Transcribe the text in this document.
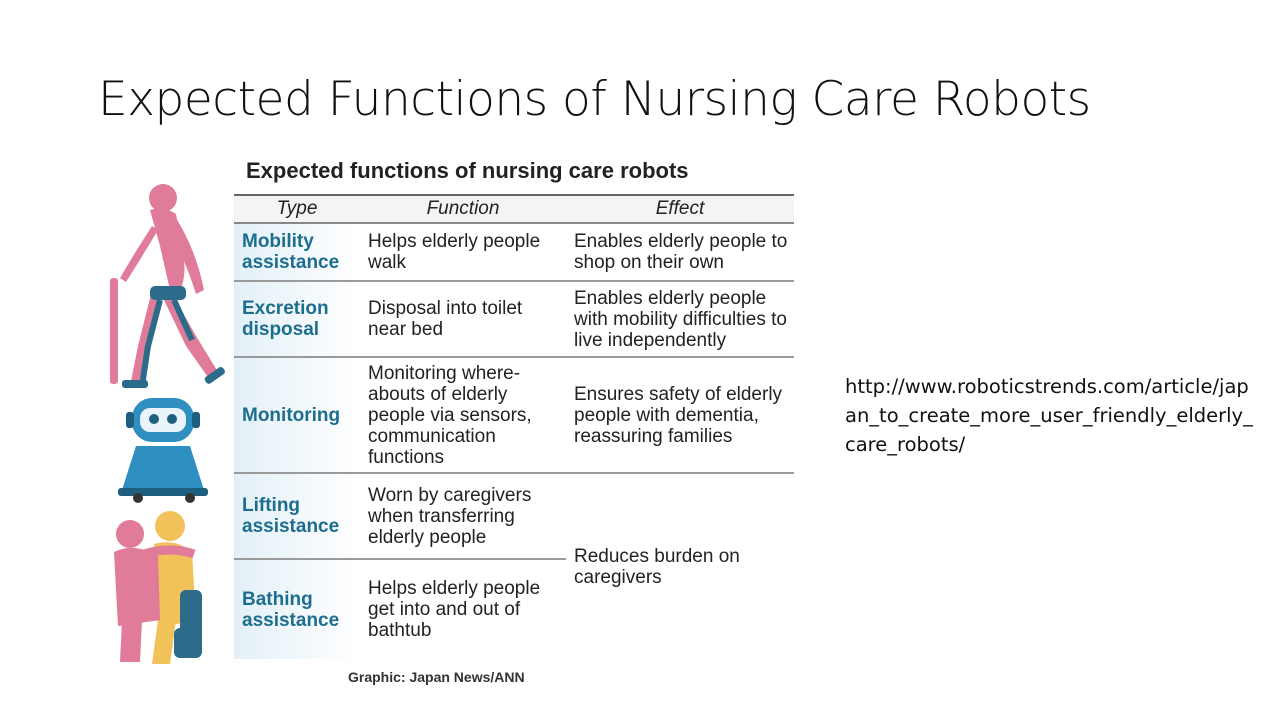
Expected Functions of Nursing Care Robots
Expected functions of nursing care robots
Type	Function	Effect
Mobility assistance	Helps elderly people walk	Enables elderly people to shop on their own
Excretion disposal	Disposal into toilet near bed	Enables elderly people with mobility difficulties to live independently
Monitoring	Monitoring where-abouts of elderly people via sensors, communication functions	Ensures safety of elderly people with dementia, reassuring families
Lifting assistance	Worn by caregivers when transferring elderly people	Reduces burden on caregivers
Bathing assistance	Helps elderly people get into and out of bathtub	
Graphic: Japan News/ANN
http://www.roboticstrends.com/article/japan_to_create_more_user_friendly_elderly_care_robots/
